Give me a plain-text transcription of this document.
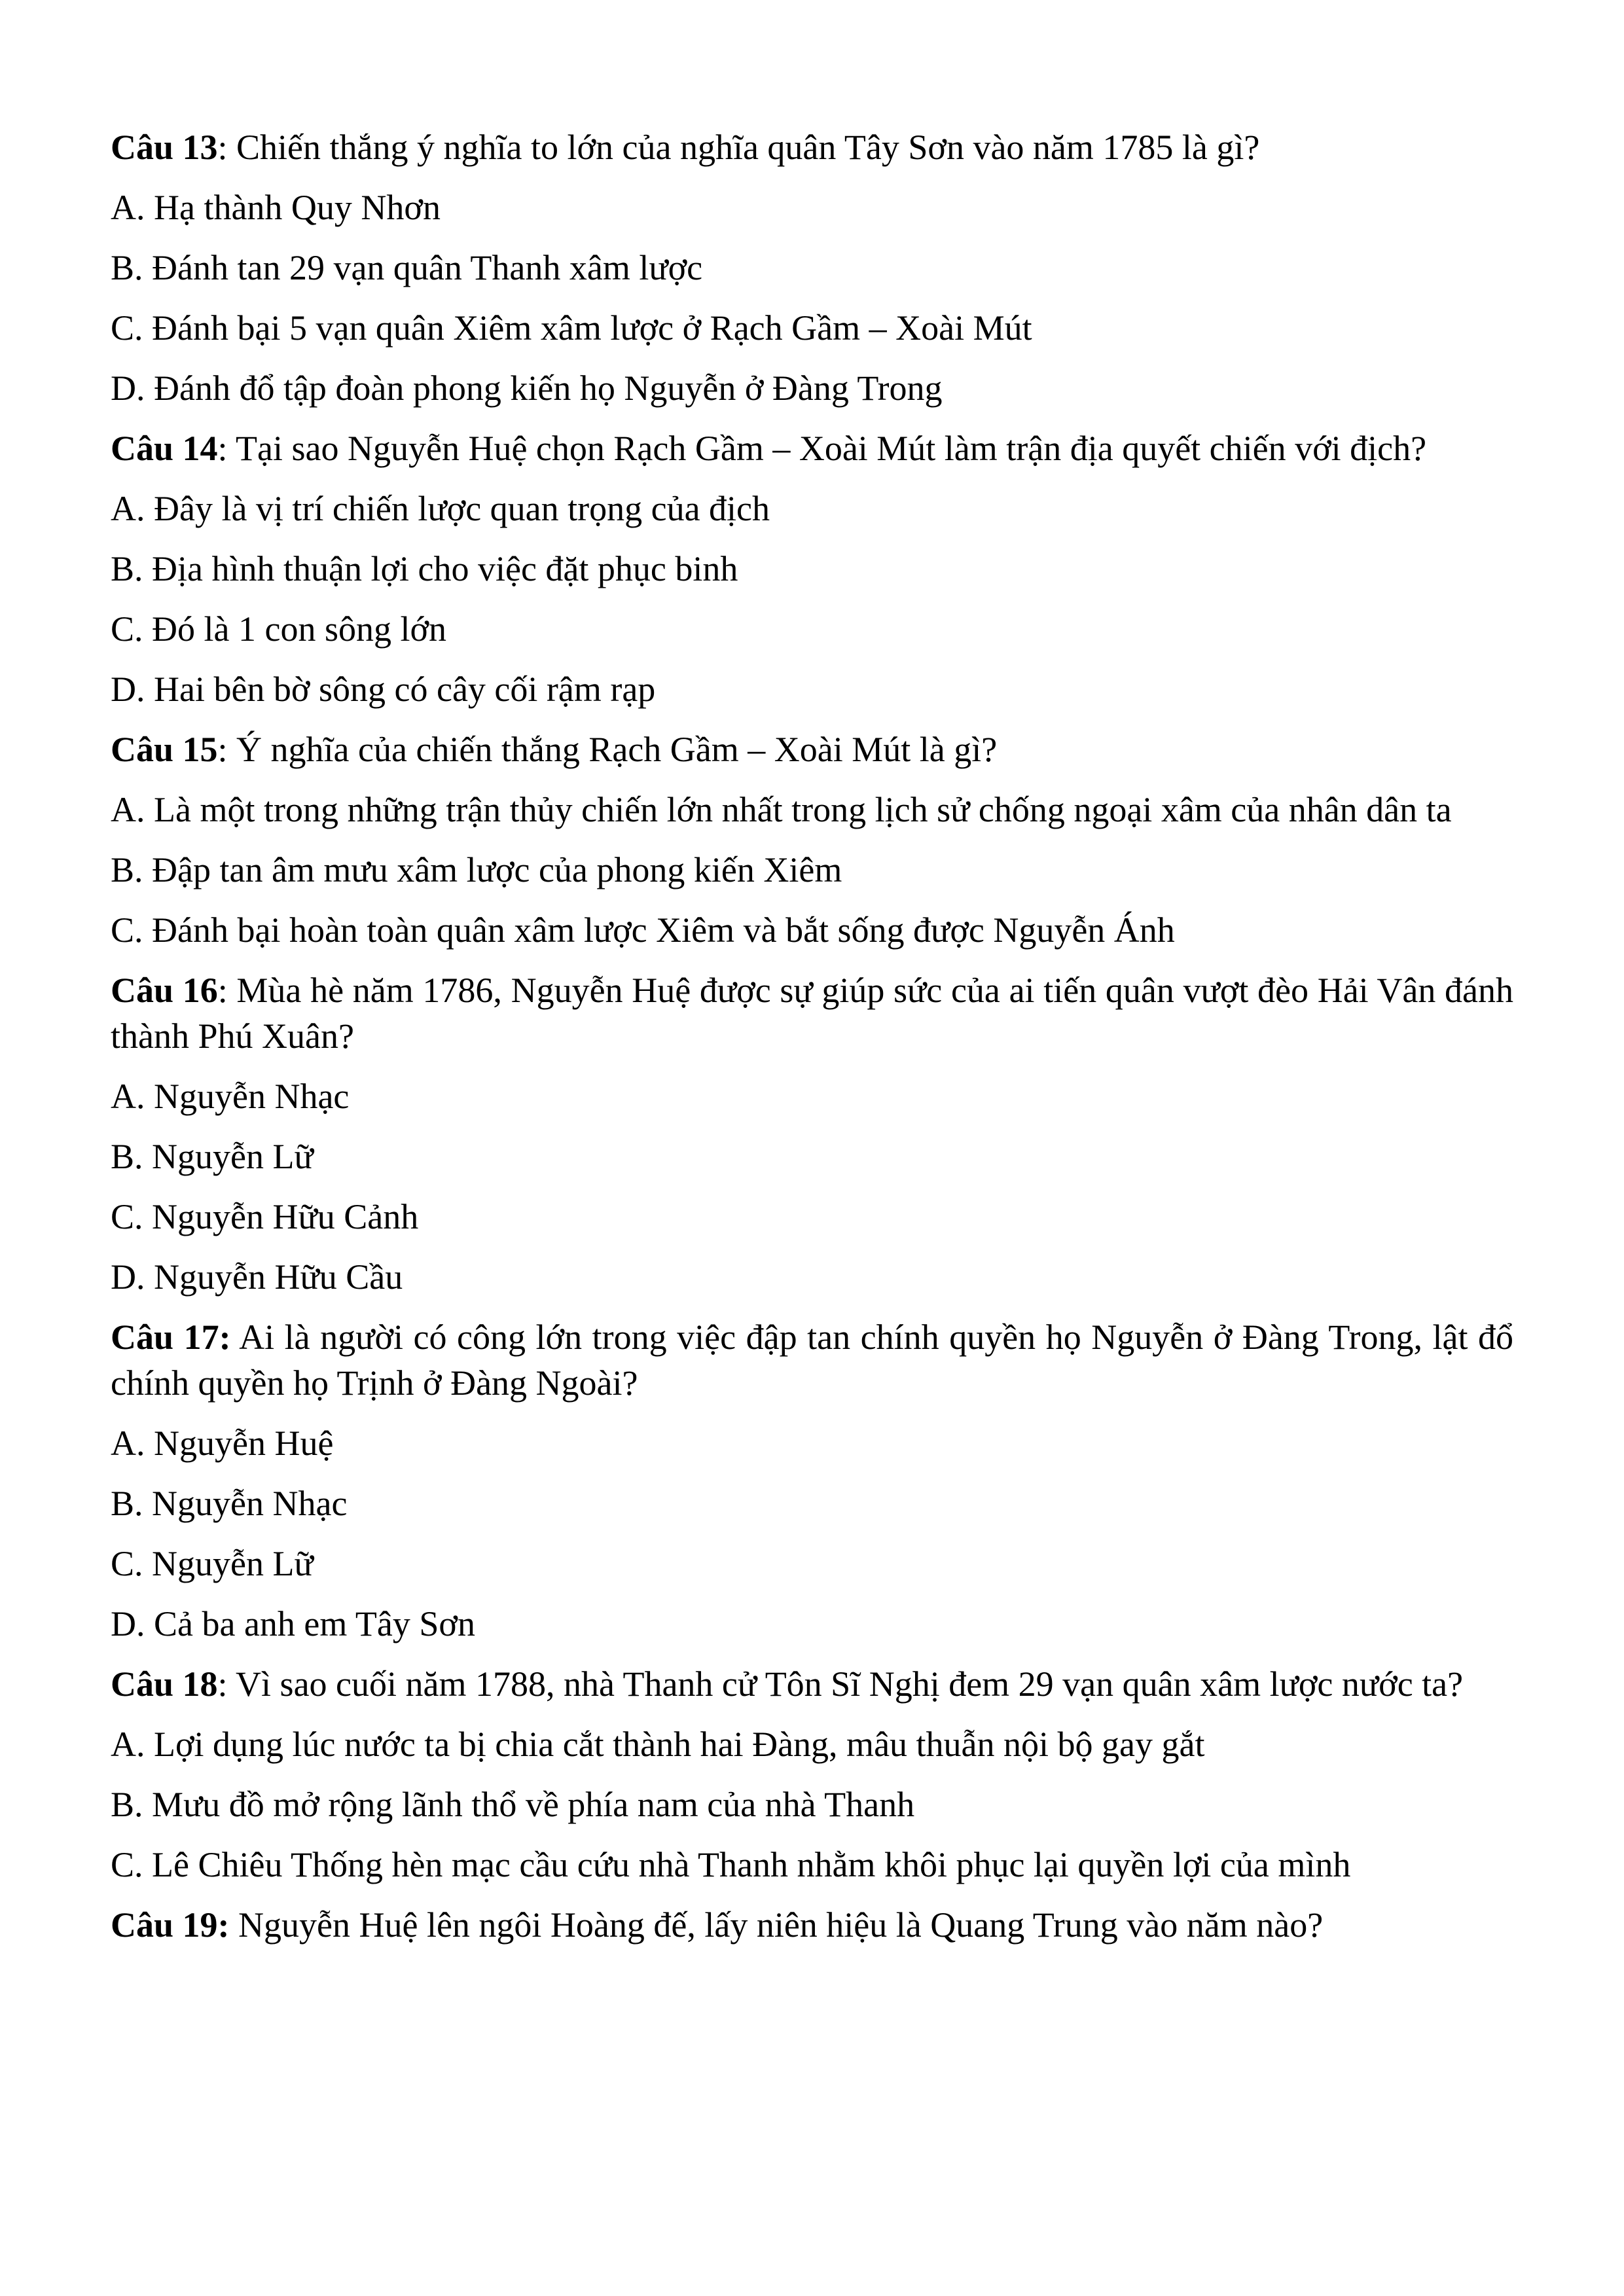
Câu 13: Chiến thắng ý nghĩa to lớn của nghĩa quân Tây Sơn vào năm 1785 là gì?

A. Hạ thành Quy Nhơn

B. Đánh tan 29 vạn quân Thanh xâm lược

C. Đánh bại 5 vạn quân Xiêm xâm lược ở Rạch Gầm – Xoài Mút

D. Đánh đổ tập đoàn phong kiến họ Nguyễn ở Đàng Trong

Câu 14: Tại sao Nguyễn Huệ chọn Rạch Gầm – Xoài Mút làm trận địa quyết chiến với địch?

A. Đây là vị trí chiến lược quan trọng của địch

B. Địa hình thuận lợi cho việc đặt phục binh

C. Đó là 1 con sông lớn

D. Hai bên bờ sông có cây cối rậm rạp

Câu 15: Ý nghĩa của chiến thắng Rạch Gầm – Xoài Mút là gì?

A. Là một trong những trận thủy chiến lớn nhất trong lịch sử chống ngoại xâm của nhân dân ta

B. Đập tan âm mưu xâm lược của phong kiến Xiêm

C. Đánh bại hoàn toàn quân xâm lược Xiêm và bắt sống được Nguyễn Ánh

Câu 16: Mùa hè năm 1786, Nguyễn Huệ được sự giúp sức của ai tiến quân vượt đèo Hải Vân đánh thành Phú Xuân?

A. Nguyễn Nhạc

B. Nguyễn Lữ

C. Nguyễn Hữu Cảnh

D. Nguyễn Hữu Cầu

Câu 17: Ai là người có công lớn trong việc đập tan chính quyền họ Nguyễn ở Đàng Trong, lật đổ chính quyền họ Trịnh ở Đàng Ngoài?

A. Nguyễn Huệ

B. Nguyễn Nhạc

C. Nguyễn Lữ

D. Cả ba anh em Tây Sơn

Câu 18: Vì sao cuối năm 1788, nhà Thanh cử Tôn Sĩ Nghị đem 29 vạn quân xâm lược nước ta?

A. Lợi dụng lúc nước ta bị chia cắt thành hai Đàng, mâu thuẫn nội bộ gay gắt

B. Mưu đồ mở rộng lãnh thổ về phía nam của nhà Thanh

C. Lê Chiêu Thống hèn mạc cầu cứu nhà Thanh nhằm khôi phục lại quyền lợi của mình

Câu 19: Nguyễn Huệ lên ngôi Hoàng đế, lấy niên hiệu là Quang Trung vào năm nào?
